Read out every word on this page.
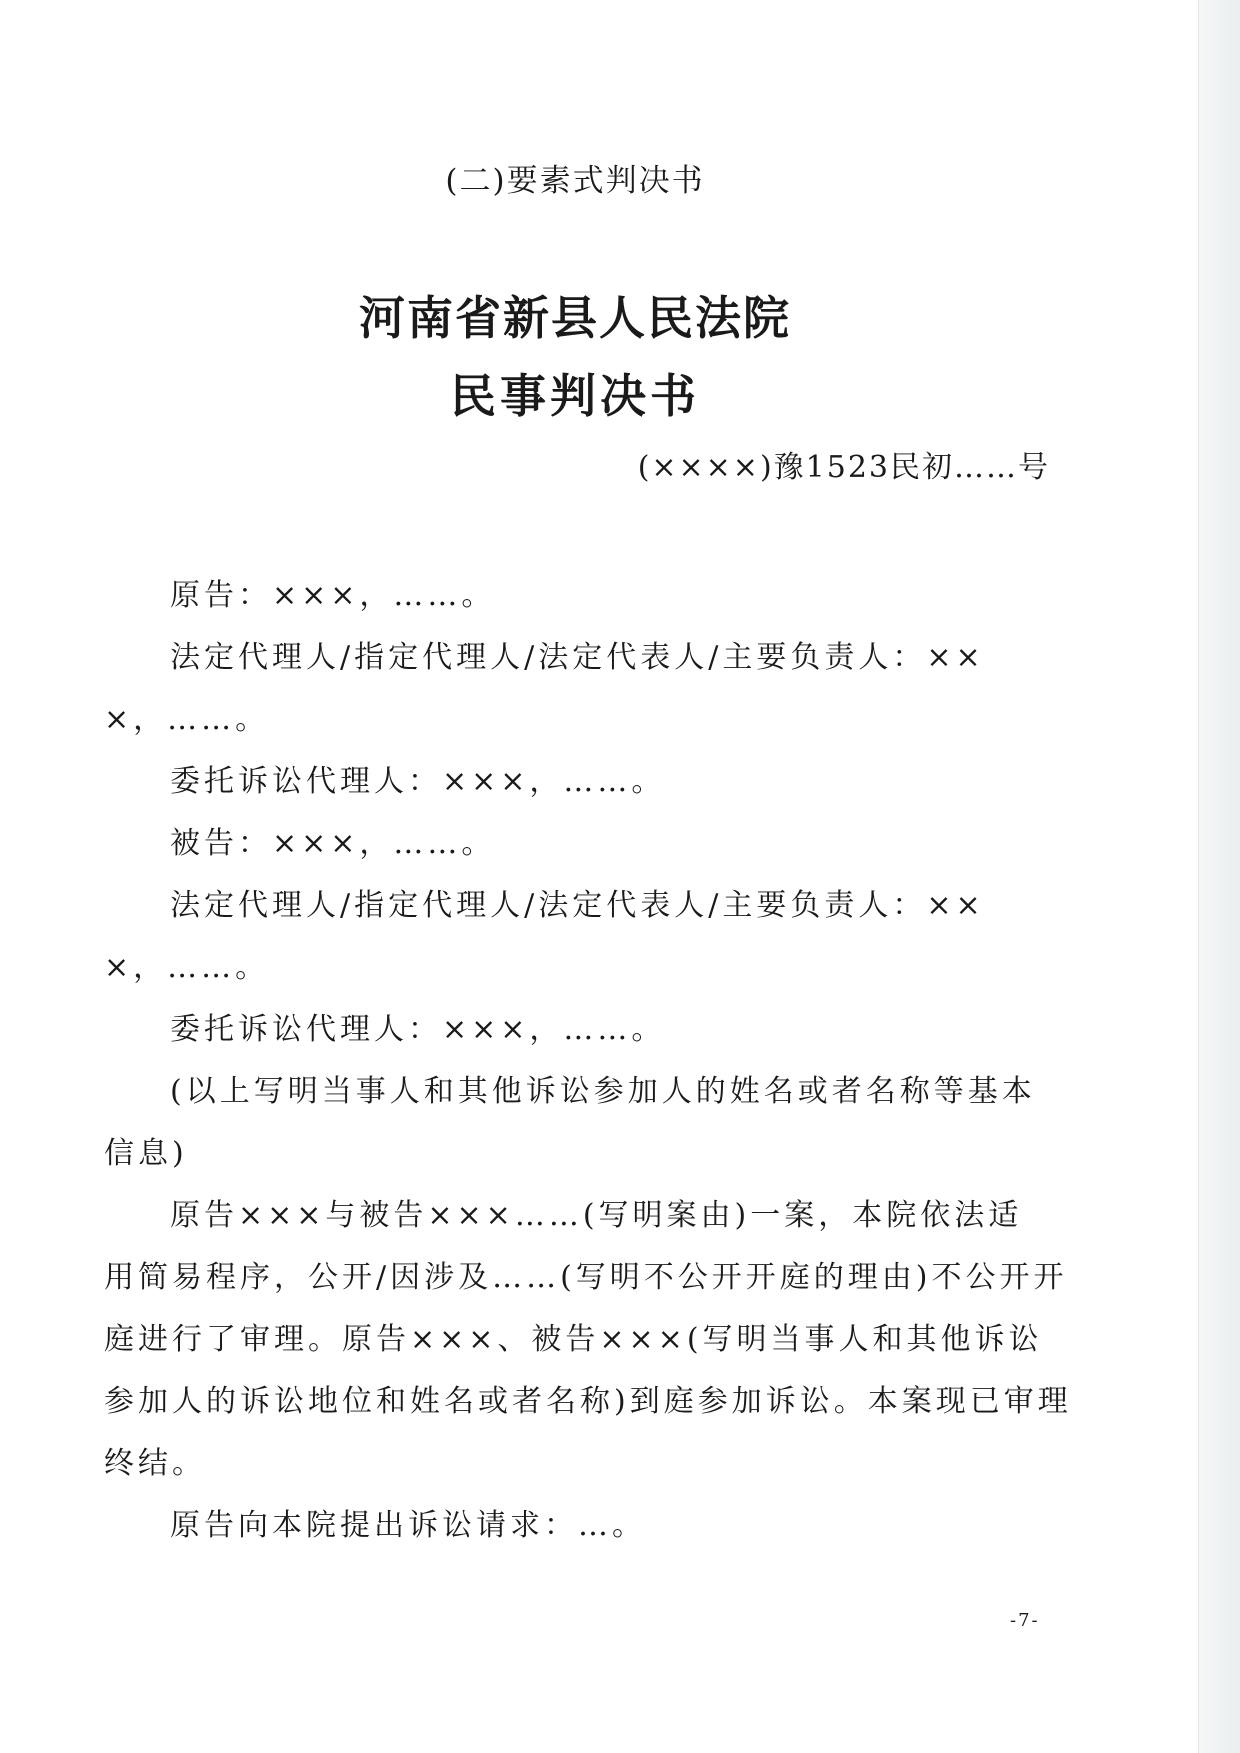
(二)要素式判决书
河南省新县人民法院
民事判决书
(××××)豫1523民初……号
原告：×××，……。
法定代理人/指定代理人/法定代表人/主要负责人：××
×，……。
委托诉讼代理人：×××，……。
被告：×××，……。
法定代理人/指定代理人/法定代表人/主要负责人：××
×，……。
委托诉讼代理人：×××，……。
(以上写明当事人和其他诉讼参加人的姓名或者名称等基本
信息)
原告×××与被告×××……(写明案由)一案，本院依法适
用简易程序，公开/因涉及……(写明不公开开庭的理由)不公开开
庭进行了审理。原告×××、被告×××(写明当事人和其他诉讼
参加人的诉讼地位和姓名或者名称)到庭参加诉讼。本案现已审理
终结。
原告向本院提出诉讼请求：…。
-7-
